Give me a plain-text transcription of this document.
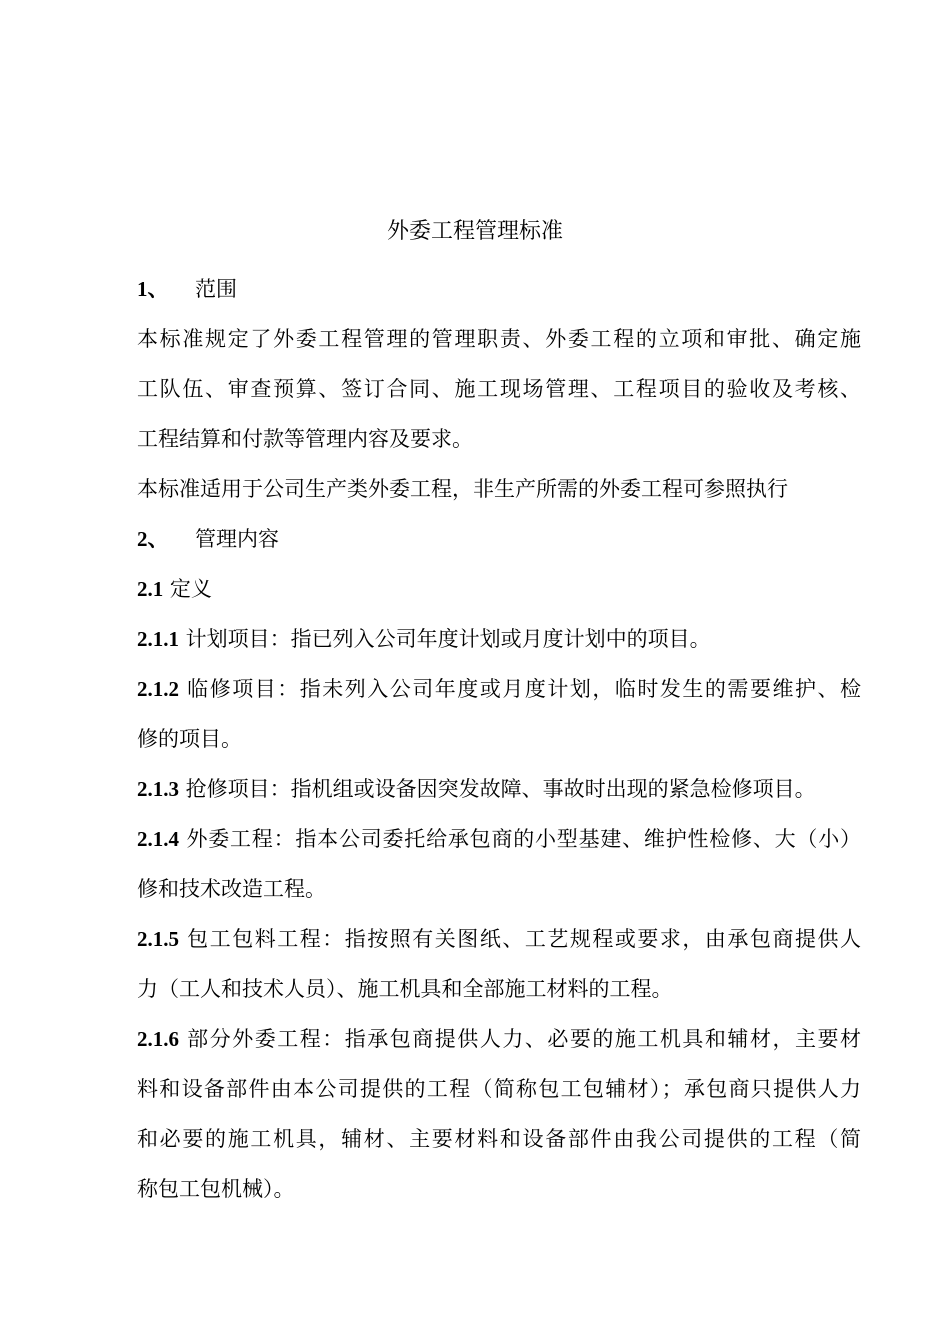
外委工程管理标准
1、 范围
本标准规定了外委工程管理的管理职责、外委工程的立项和审批、确定施
工队伍、审查预算、签订合同、施工现场管理、工程项目的验收及考核、
工程结算和付款等管理内容及要求。
本标准适用于公司生产类外委工程，非生产所需的外委工程可参照执行
2、 管理内容
2.1 定义
2.1.1 计划项目：指已列入公司年度计划或月度计划中的项目。
2.1.2 临修项目：指未列入公司年度或月度计划，临时发生的需要维护、检
修的项目。
2.1.3 抢修项目：指机组或设备因突发故障、事故时出现的紧急检修项目。
2.1.4 外委工程：指本公司委托给承包商的小型基建、维护性检修、大（小）
修和技术改造工程。
2.1.5 包工包料工程：指按照有关图纸、工艺规程或要求，由承包商提供人
力（工人和技术人员）、施工机具和全部施工材料的工程。
2.1.6 部分外委工程：指承包商提供人力、必要的施工机具和辅材，主要材
料和设备部件由本公司提供的工程（简称包工包辅材）；承包商只提供人力
和必要的施工机具，辅材、主要材料和设备部件由我公司提供的工程（简
称包工包机械）。
